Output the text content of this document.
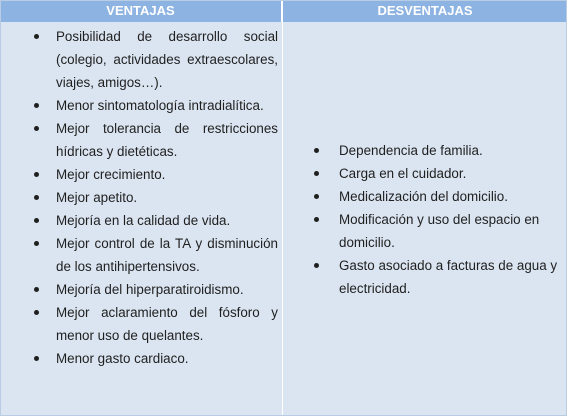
VENTAJAS	DESVENTAJAS
Posibilidad de desarrollo social (colegio, actividades extraescolares, viajes, amigos…).
Menor sintomatología intradialítica.
Mejor tolerancia de restricciones hídricas y dietéticas.
Mejor crecimiento.
Mejor apetito.
Mejoría en la calidad de vida.
Mejor control de la TA y disminución de los antihipertensivos.
Mejoría del hiperparatiroidismo.
Mejor aclaramiento del fósforo y menor uso de quelantes.
Menor gasto cardiaco.
Dependencia de familia.
Carga en el cuidador.
Medicalización del domicilio.
Modificación y uso del espacio en domicilio.
Gasto asociado a facturas de agua y electricidad.
